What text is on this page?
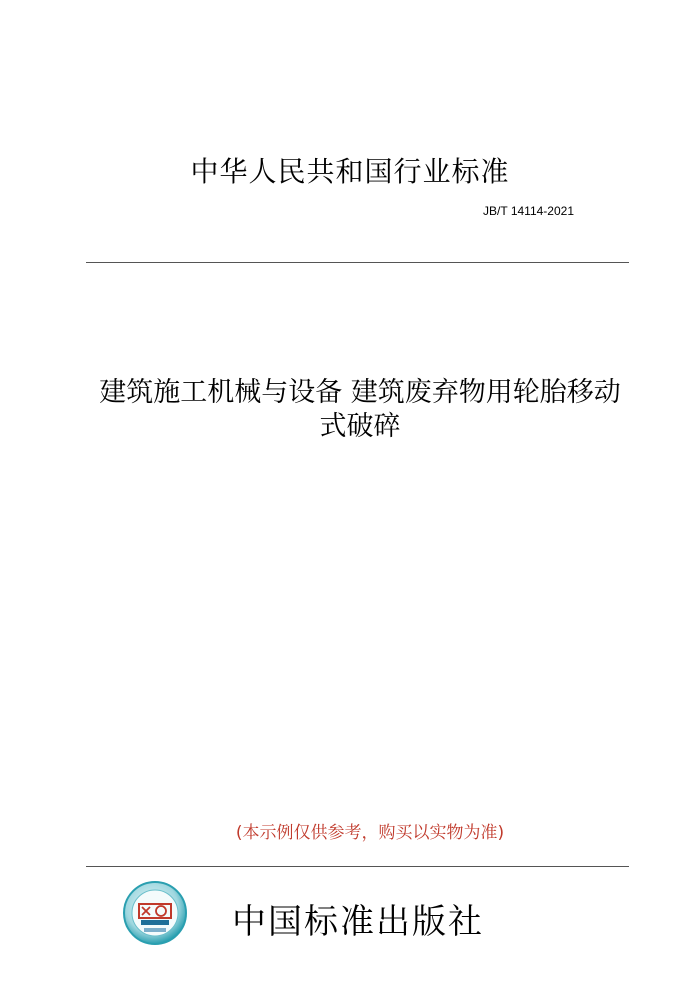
中华人民共和国行业标准
JB/T 14114-2021
建筑施工机械与设备 建筑废弃物用轮胎移动
式破碎
(本示例仅供参考，购买以实物为准)
中国标准出版社
